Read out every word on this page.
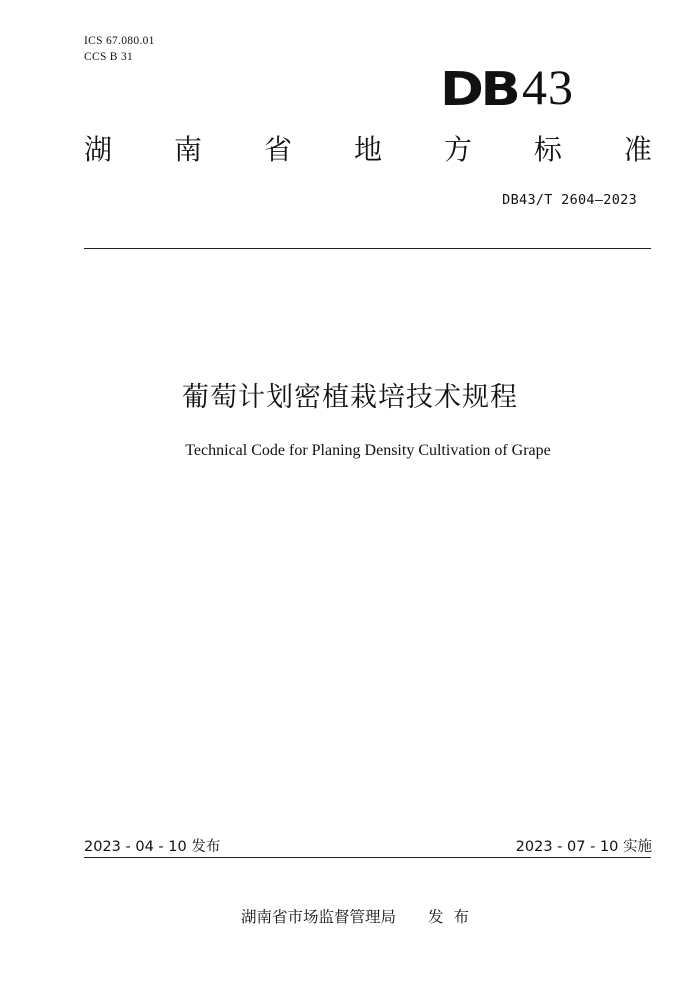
ICS 67.080.01
CCS B 31
DB 43
湖 南 省 地 方 标 准
DB43/T 2604—2023
葡萄计划密植栽培技术规程
Technical Code for Planing Density Cultivation of Grape
2023 - 04 - 10 发布	2023 - 07 - 10 实施
湖南省市场监督管理局 发布
